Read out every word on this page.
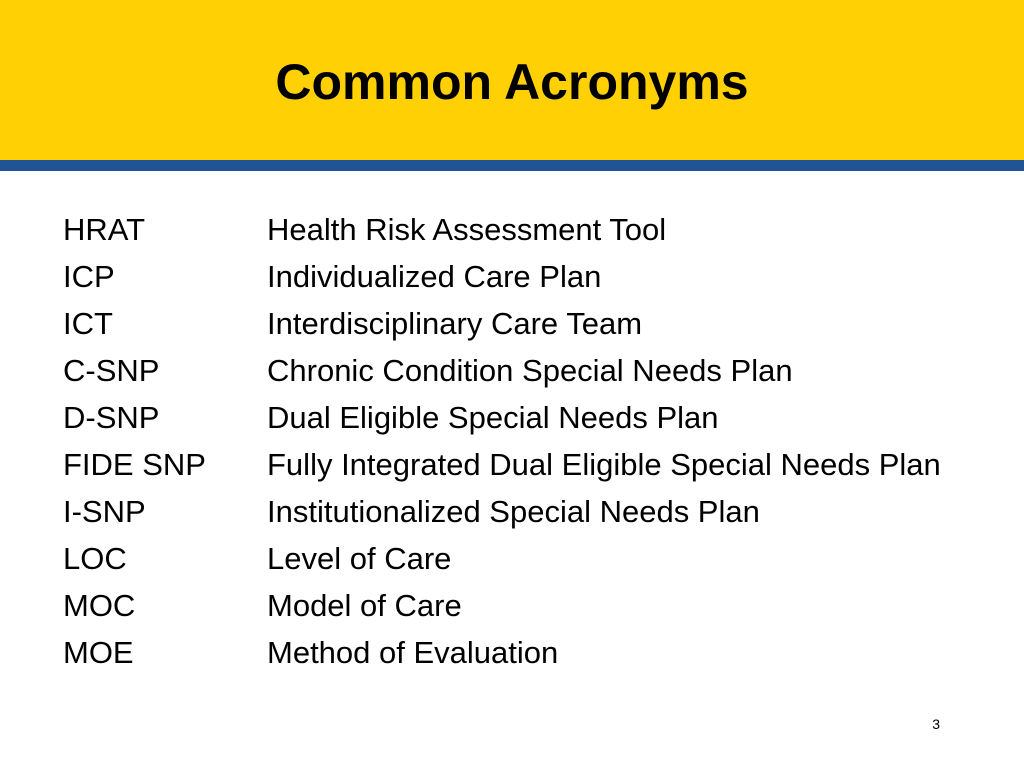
Common Acronyms
HRAT	Health Risk Assessment Tool
ICP	Individualized Care Plan
ICT	Interdisciplinary Care Team
C-SNP	Chronic Condition Special Needs Plan
D-SNP	Dual Eligible Special Needs Plan
FIDE SNP	Fully Integrated Dual Eligible Special Needs Plan
I-SNP	Institutionalized Special Needs Plan
LOC	Level of Care
MOC	Model of Care
MOE	Method of Evaluation
3
